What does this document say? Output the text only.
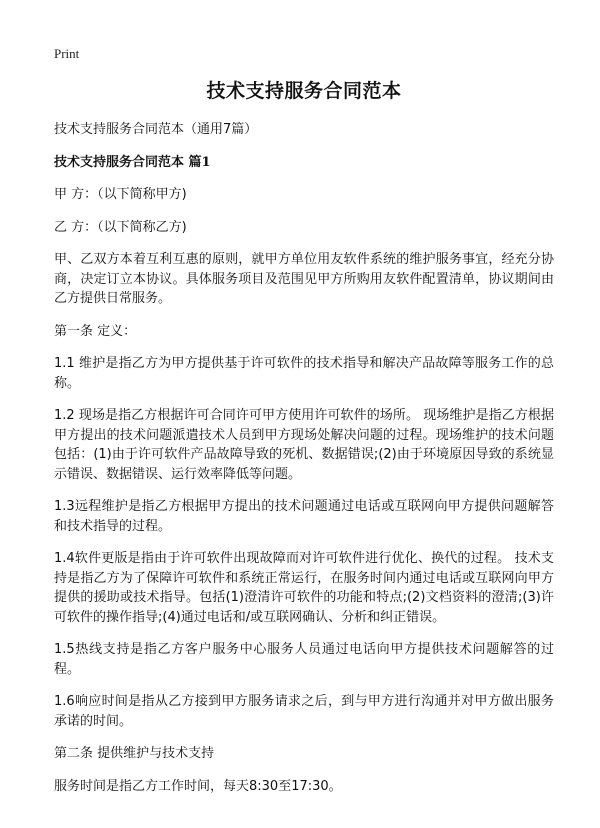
Print
技术支持服务合同范本

技术支持服务合同范本（通用7篇）

技术支持服务合同范本 篇1

甲 方：（以下简称甲方)

乙 方：（以下简称乙方)

甲、乙双方本着互利互惠的原则，就甲方单位用友软件系统的维护服务事宜，经充分协商，决定订立本协议。具体服务项目及范围见甲方所购用友软件配置清单，协议期间由乙方提供日常服务。

第一条 定义：

1.1 维护是指乙方为甲方提供基于许可软件的技术指导和解决产品故障等服务工作的总称。

1.2 现场是指乙方根据许可合同许可甲方使用许可软件的场所。 现场维护是指乙方根据甲方提出的技术问题派遣技术人员到甲方现场处解决问题的过程。现场维护的技术问题包括：(1)由于许可软件产品故障导致的死机、数据错误;(2)由于环境原因导致的系统显示错误、数据错误、运行效率降低等问题。

1.3远程维护是指乙方根据甲方提出的技术问题通过电话或互联网向甲方提供问题解答和技术指导的过程。

1.4软件更版是指由于许可软件出现故障而对许可软件进行优化、换代的过程。 技术支持是指乙方为了保障许可软件和系统正常运行，在服务时间内通过电话或互联网向甲方提供的援助或技术指导。包括(1)澄清许可软件的功能和特点;(2)文档资料的澄清;(3)许可软件的操作指导;(4)通过电话和/或互联网确认、分析和纠正错误。

1.5热线支持是指乙方客户服务中心服务人员通过电话向甲方提供技术问题解答的过程。

1.6响应时间是指从乙方接到甲方服务请求之后，到与甲方进行沟通并对甲方做出服务承诺的时间。

第二条 提供维护与技术支持

服务时间是指乙方工作时间，每天8:30至17:30。
